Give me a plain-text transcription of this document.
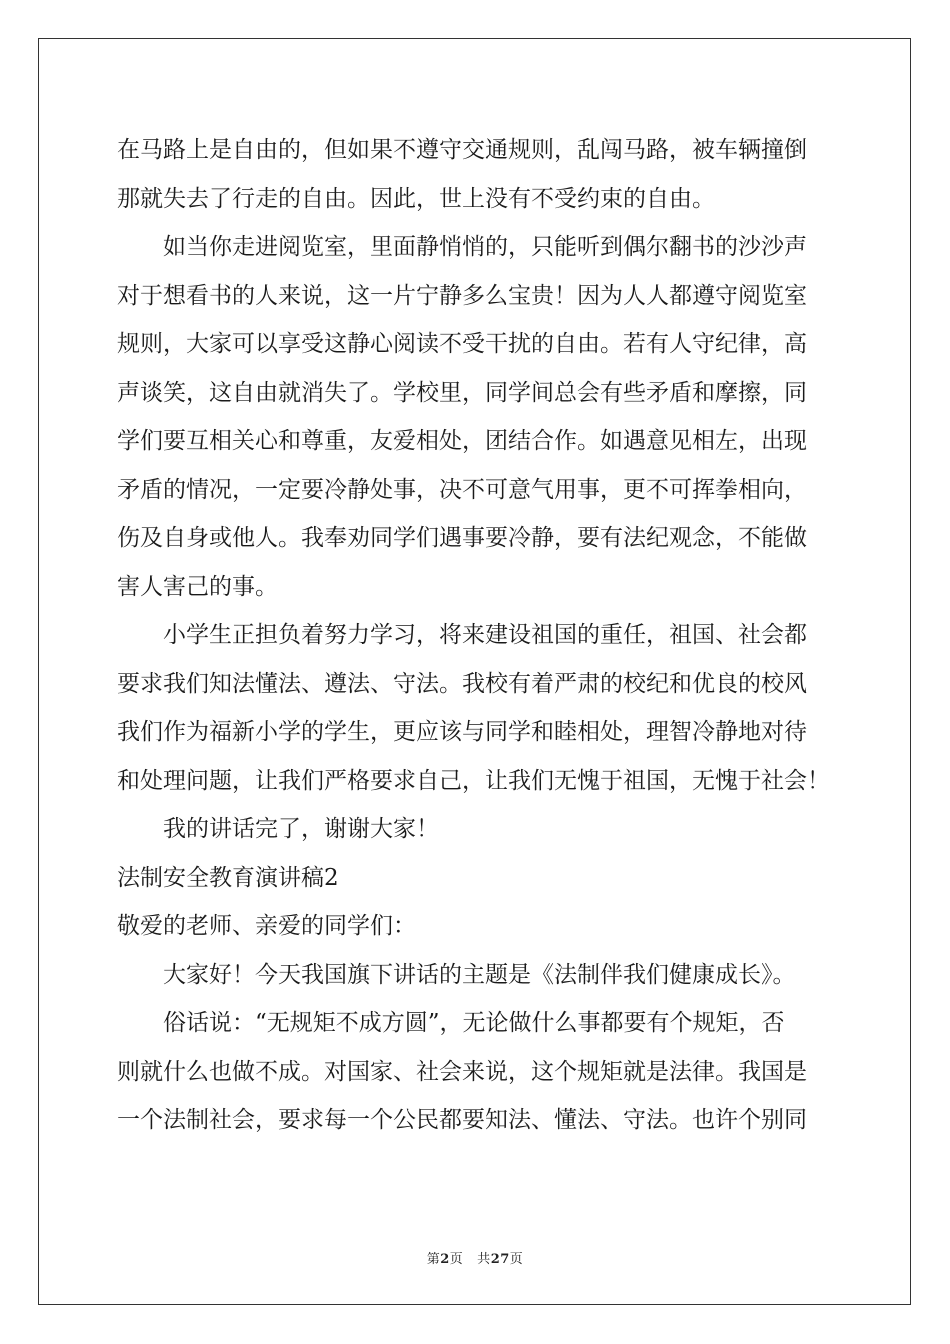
在马路上是自由的，但如果不遵守交通规则，乱闯马路，被车辆撞倒
那就失去了行走的自由。因此，世上没有不受约束的自由。
如当你走进阅览室，里面静悄悄的，只能听到偶尔翻书的沙沙声
对于想看书的人来说，这一片宁静多么宝贵！因为人人都遵守阅览室
规则，大家可以享受这静心阅读不受干扰的自由。若有人守纪律，高
声谈笑，这自由就消失了。学校里，同学间总会有些矛盾和摩擦，同
学们要互相关心和尊重，友爱相处，团结合作。如遇意见相左，出现
矛盾的情况，一定要冷静处事，决不可意气用事，更不可挥拳相向，
伤及自身或他人。我奉劝同学们遇事要冷静，要有法纪观念，不能做
害人害己的事。
小学生正担负着努力学习，将来建设祖国的重任，祖国、社会都
要求我们知法懂法、遵法、守法。我校有着严肃的校纪和优良的校风
我们作为福新小学的学生，更应该与同学和睦相处，理智冷静地对待
和处理问题，让我们严格要求自己，让我们无愧于祖国，无愧于社会！
我的讲话完了，谢谢大家！
法制安全教育演讲稿2
敬爱的老师、亲爱的同学们：
大家好！今天我国旗下讲话的主题是《法制伴我们健康成长》。
俗话说：“无规矩不成方圆”，无论做什么事都要有个规矩，否
则就什么也做不成。对国家、社会来说，这个规矩就是法律。我国是
一个法制社会，要求每一个公民都要知法、懂法、守法。也许个别同
第2页 共27页
